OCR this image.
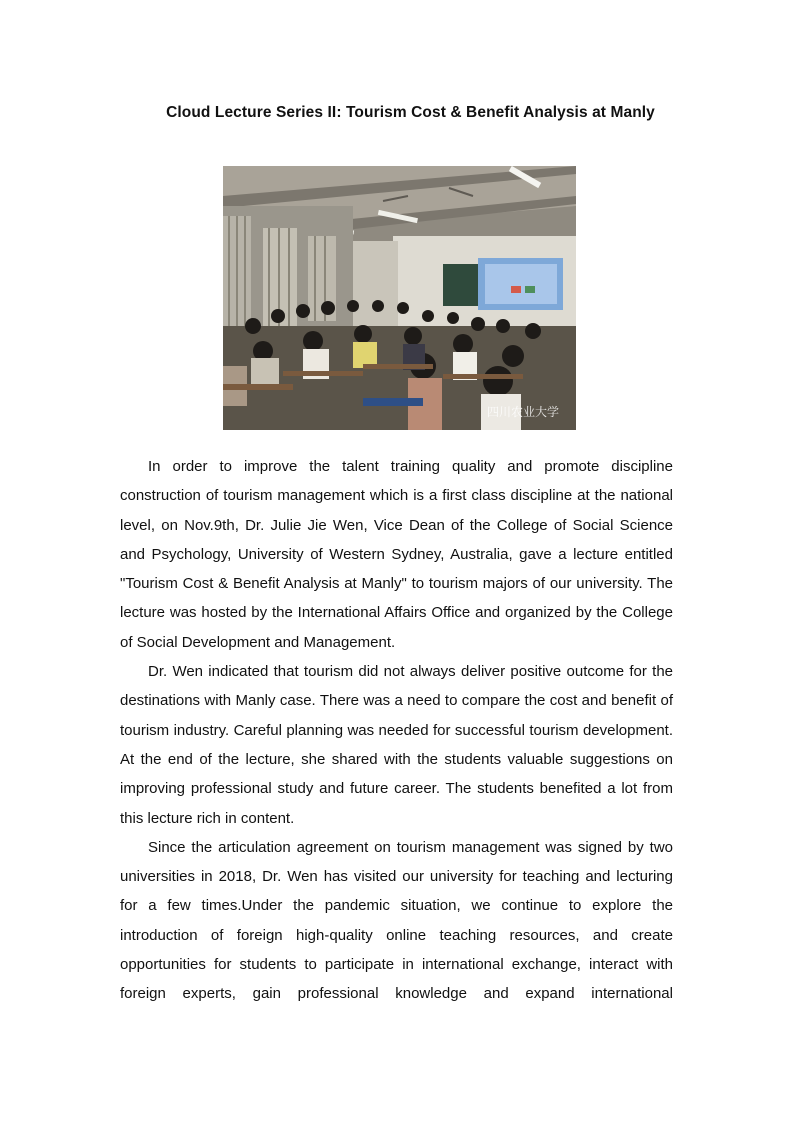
Cloud Lecture Series II: Tourism Cost & Benefit Analysis at Manly
四川农业大学

In order to improve the talent training quality and promote discipline construction of tourism management which is a first class discipline at the national level, on Nov.9th, Dr. Julie Jie Wen, Vice Dean of the College of Social Science and Psychology, University of Western Sydney, Australia, gave a lecture entitled "Tourism Cost & Benefit Analysis at Manly" to tourism majors of our university. The lecture was hosted by the International Affairs Office and organized by the College of Social Development and Management.

Dr. Wen indicated that tourism did not always deliver positive outcome for the destinations with Manly case. There was a need to compare the cost and benefit of tourism industry. Careful planning was needed for successful tourism development. At the end of the lecture, she shared with the students valuable suggestions on improving professional study and future career. The students benefited a lot from this lecture rich in content.

Since the articulation agreement on tourism management was signed by two universities in 2018, Dr. Wen has visited our university for teaching and lecturing for a few times.Under the pandemic situation, we continue to explore the introduction of foreign high-quality online teaching resources, and create opportunities for students to participate in international exchange, interact with foreign experts, gain professional knowledge and expand international
